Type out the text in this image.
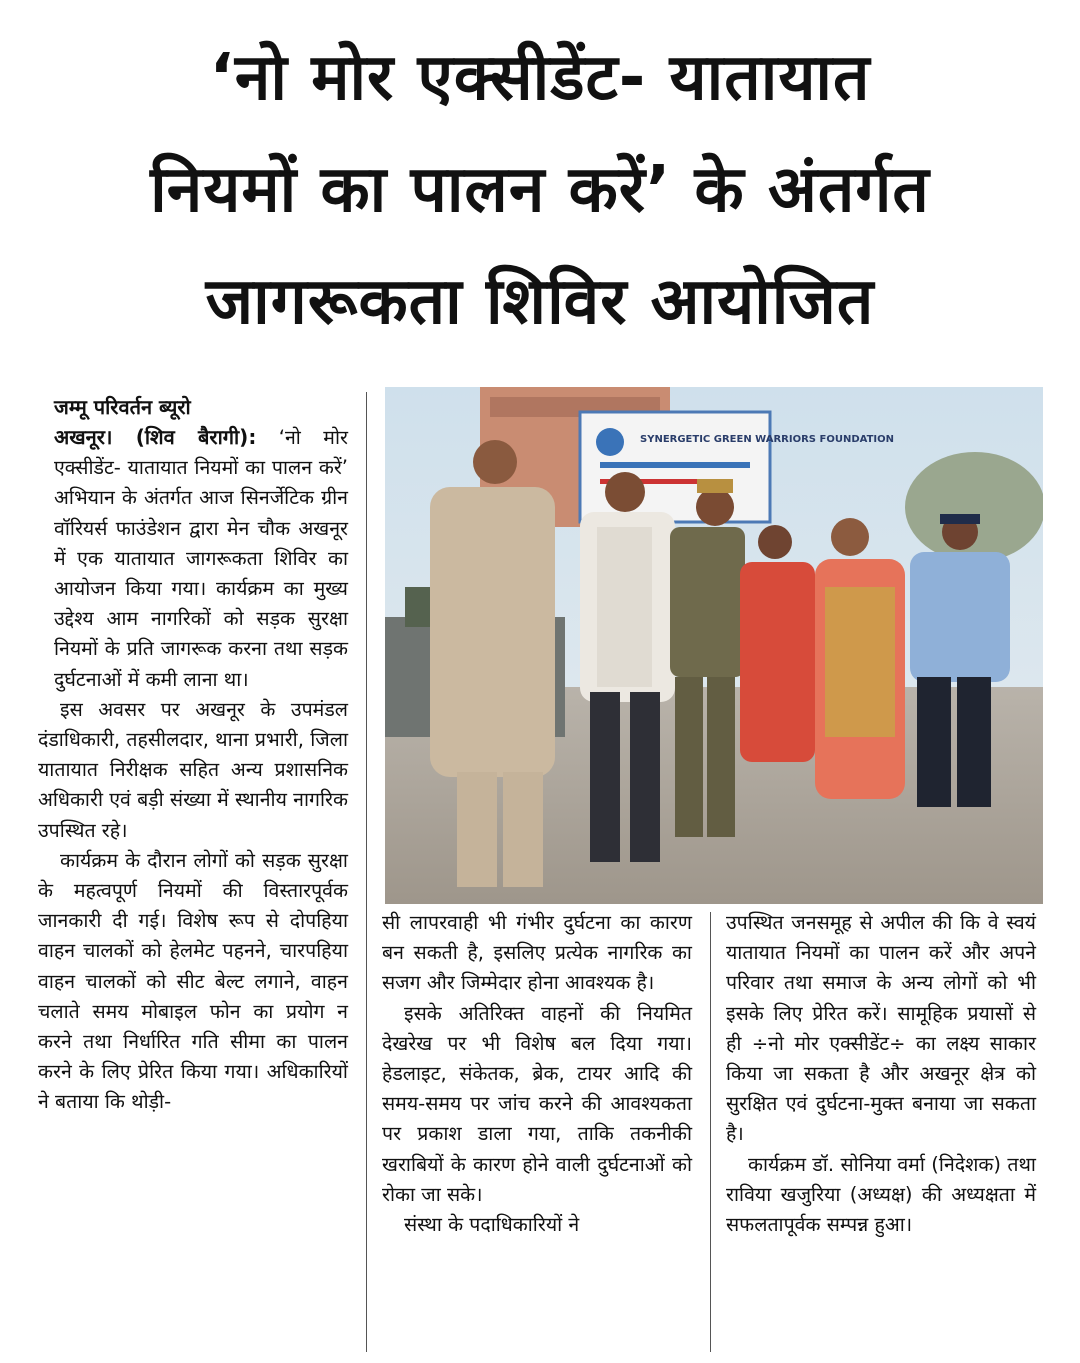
‘नो मोर एक्सीडेंट- यातायात
नियमों का पालन करें’ के अंतर्गत
जागरूकता शिविर आयोजित
जम्मू परिवर्तन ब्यूरो

अखनूर। (शिव बैरागी): ‘नो मोर एक्सीडेंट- यातायात नियमों का पालन करें’ अभियान के अंतर्गत आज सिनर्जेटिक ग्रीन वॉरियर्स फाउंडेशन द्वारा मेन चौक अखनूर में एक यातायात जागरूकता शिविर का आयोजन किया गया। कार्यक्रम का मुख्य उद्देश्य आम नागरिकों को सड़क सुरक्षा नियमों के प्रति जागरूक करना तथा सड़क दुर्घटनाओं में कमी लाना था।

इस अवसर पर अखनूर के उपमंडल दंडाधिकारी, तहसीलदार, थाना प्रभारी, जिला यातायात निरीक्षक सहित अन्य प्रशासनिक अधिकारी एवं बड़ी संख्या में स्थानीय नागरिक उपस्थित रहे।

कार्यक्रम के दौरान लोगों को सड़क सुरक्षा के महत्वपूर्ण नियमों की विस्तारपूर्वक जानकारी दी गई। विशेष रूप से दोपहिया वाहन चालकों को हेलमेट पहनने, चारपहिया वाहन चालकों को सीट बेल्ट लगाने, वाहन चलाते समय मोबाइल फोन का प्रयोग न करने तथा निर्धारित गति सीमा का पालन करने के लिए प्रेरित किया गया। अधिकारियों ने बताया कि थोड़ी-

SYNERGETIC GREEN WARRIORS FOUNDATION

सी लापरवाही भी गंभीर दुर्घटना का कारण बन सकती है, इसलिए प्रत्येक नागरिक का सजग और जिम्मेदार होना आवश्यक है।

इसके अतिरिक्त वाहनों की नियमित देखरेख पर भी विशेष बल दिया गया। हेडलाइट, संकेतक, ब्रेक, टायर आदि की समय-समय पर जांच करने की आवश्यकता पर प्रकाश डाला गया, ताकि तकनीकी खराबियों के कारण होने वाली दुर्घटनाओं को रोका जा सके।

संस्था के पदाधिकारियों ने

उपस्थित जनसमूह से अपील की कि वे स्वयं यातायात नियमों का पालन करें और अपने परिवार तथा समाज के अन्य लोगों को भी इसके लिए प्रेरित करें। सामूहिक प्रयासों से ही ÷नो मोर एक्सीडेंट÷ का लक्ष्य साकार किया जा सकता है और अखनूर क्षेत्र को सुरक्षित एवं दुर्घटना-मुक्त बनाया जा सकता है।

कार्यक्रम डॉ. सोनिया वर्मा (निदेशक) तथा राविया खजुरिया (अध्यक्ष) की अध्यक्षता में सफलतापूर्वक सम्पन्न हुआ।
